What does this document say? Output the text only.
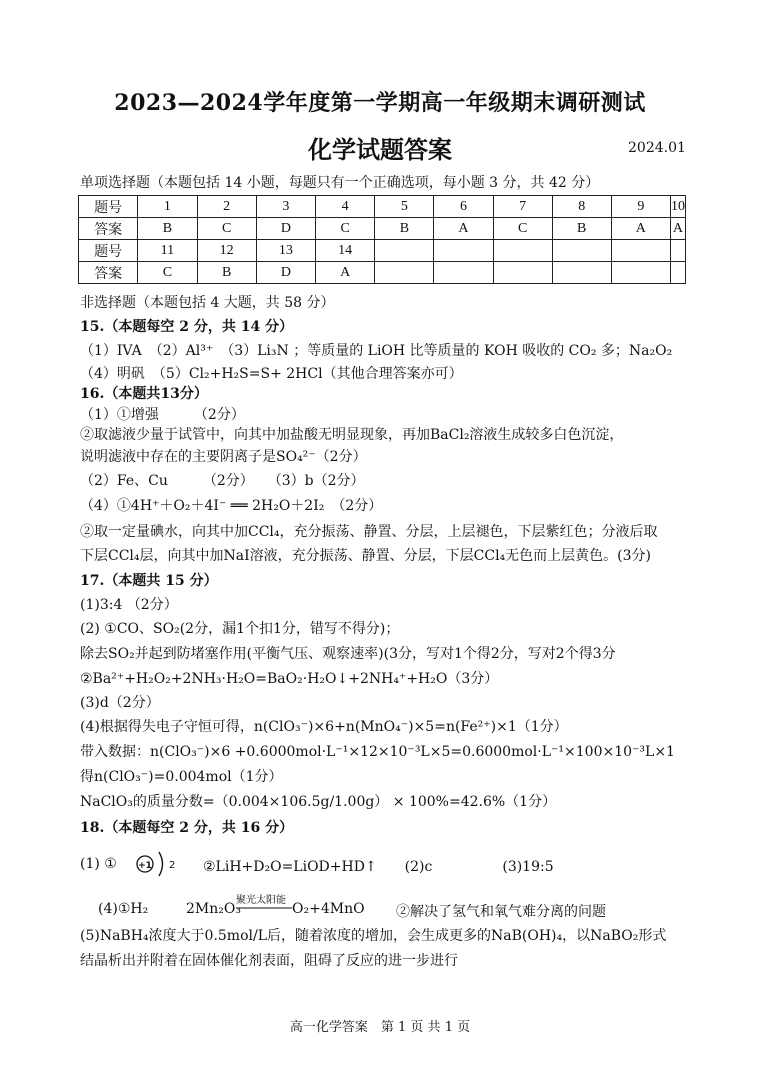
2023—2024学年度第一学期高一年级期末调研测试
化学试题答案	2024.01
单项选择题（本题包括 14 小题，每题只有一个正确选项，每小题 3 分，共 42 分）
题号	1	2	3	4	5	6	7	8	9	10
答案	B	C	D	C	B	A	C	B	A	A
题号	11	12	13	14						
答案	C	B	D	A						
非选择题（本题包括 4 大题，共 58 分）
15.（本题每空 2 分，共 14 分）
（1）IVA　（2）Al³⁺　（3）Li₃N ；等质量的 LiOH 比等质量的 KOH 吸收的 CO₂ 多；Na₂O₂
（4）明矾　（5）Cl₂+H₂S=S+ 2HCl（其他合理答案亦可）
16.（本题共13分）
（1）①增强　　　（2分）
②取滤液少量于试管中，向其中加盐酸无明显现象，再加BaCl₂溶液生成较多白色沉淀，
说明滤液中存在的主要阴离子是SO₄²⁻（2分）
（2）Fe、Cu　　　（2分）　　（3）b（2分）
（4）①4H⁺＋O₂＋4I⁻ ══ 2H₂O＋2I₂　（2分）
②取一定量碘水，向其中加CCl₄，充分振荡、静置、分层，上层褪色，下层紫红色；分液后取
下层CCl₄层，向其中加NaI溶液，充分振荡、静置、分层，下层CCl₄无色而上层黄色。(3分)
17.（本题共 15 分）
(1)3:4 （2分）
(2) ①CO、SO₂(2分，漏1个扣1分，错写不得分)；
除去SO₂并起到防堵塞作用(平衡气压、观察速率)(3分，写对1个得2分，写对2个得3分
②Ba²⁺+H₂O₂+2NH₃·H₂O=BaO₂·H₂O↓+2NH₄⁺+H₂O（3分）
(3)d（2分）
(4)根据得失电子守恒可得，n(ClO₃⁻)×6+n(MnO₄⁻)×5=n(Fe²⁺)×1（1分）
带入数据：n(ClO₃⁻)×6 +0.6000mol·L⁻¹×12×10⁻³L×5=0.6000mol·L⁻¹×100×10⁻³L×1
得n(ClO₃⁻)=0.004mol（1分）
NaClO₃的质量分数=（0.004×106.5g/1.00g） × 100%=42.6%（1分）
18.（本题每空 2 分，共 16 分）
(1) ① +1 2 ②LiH+D₂O=LiOD+HD↑　　(2)c　　　　　(3)19:5
(4)①H₂	2Mn₂O₃
聚光太阳能
O₂+4MnO ②解决了氢气和氧气难分离的问题
(5)NaBH₄浓度大于0.5mol/L后，随着浓度的增加，会生成更多的NaB(OH)₄，以NaBO₂形式
结晶析出并附着在固体催化剂表面，阻碍了反应的进一步进行
高一化学答案　第 1 页 共 1 页
